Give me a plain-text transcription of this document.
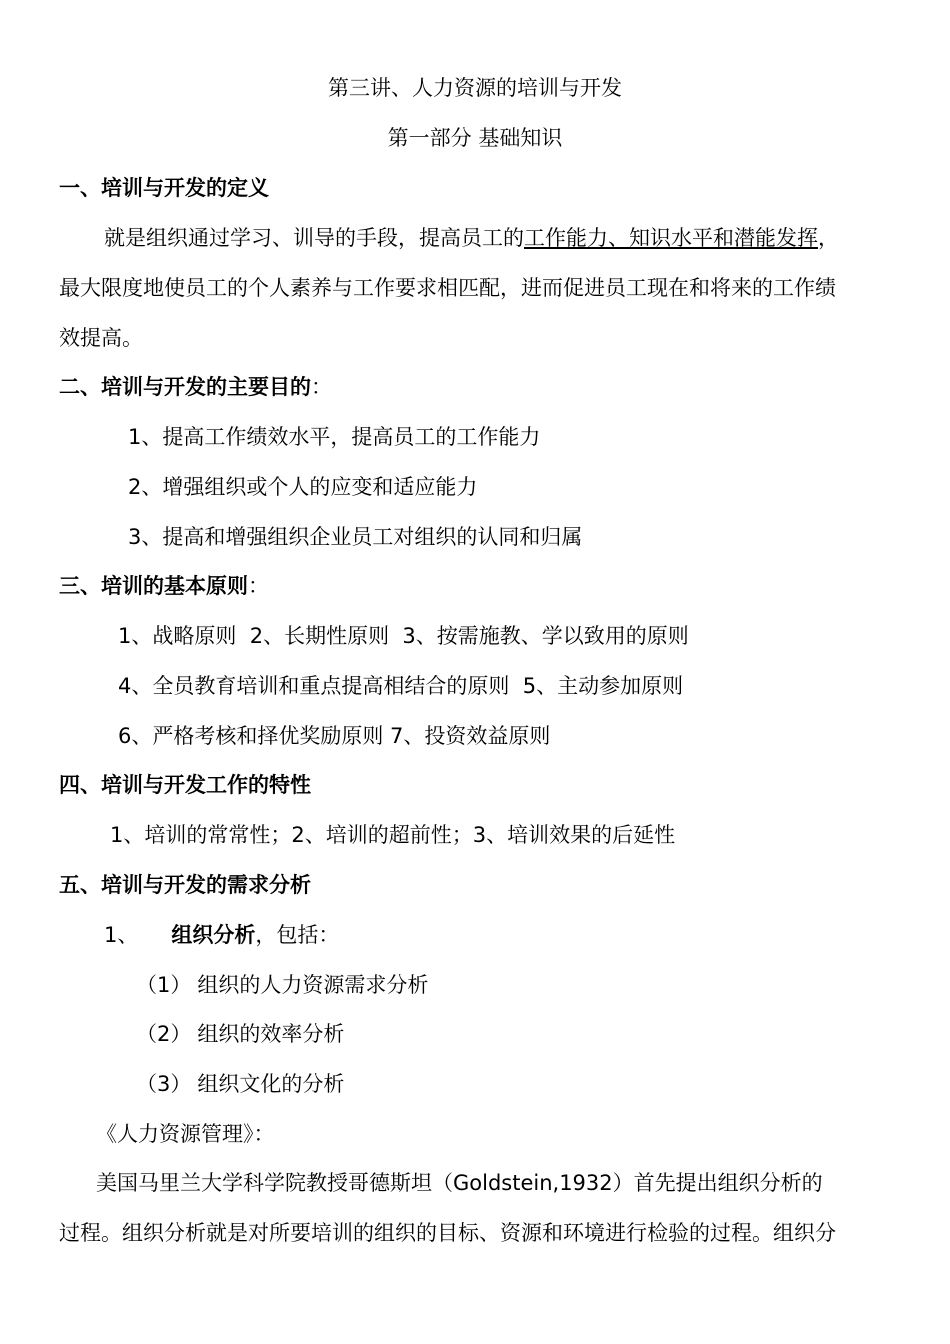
第三讲、人力资源的培训与开发
第一部分 基础知识
一、培训与开发的定义
就是组织通过学习、训导的手段，提高员工的工作能力、知识水平和潜能发挥，
最大限度地使员工的个人素养与工作要求相匹配，进而促进员工现在和将来的工作绩
效提高。
二、培训与开发的主要目的：
1、提高工作绩效水平，提高员工的工作能力
2、增强组织或个人的应变和适应能力
3、提高和增强组织企业员工对组织的认同和归属
三、培训的基本原则：
1、战略原则  2、长期性原则  3、按需施教、学以致用的原则
4、全员教育培训和重点提高相结合的原则  5、主动参加原则
6、严格考核和择优奖励原则 7、投资效益原则
四、培训与开发工作的特性
1、培训的常常性；2、培训的超前性；3、培训效果的后延性
五、培训与开发的需求分析
1、 组织分析，包括：
（1） 组织的人力资源需求分析
（2） 组织的效率分析
（3） 组织文化的分析
《人力资源管理》：
美国马里兰大学科学院教授哥德斯坦（Goldstein,1932）首先提出组织分析的
过程。组织分析就是对所要培训的组织的目标、资源和环境进行检验的过程。组织分
